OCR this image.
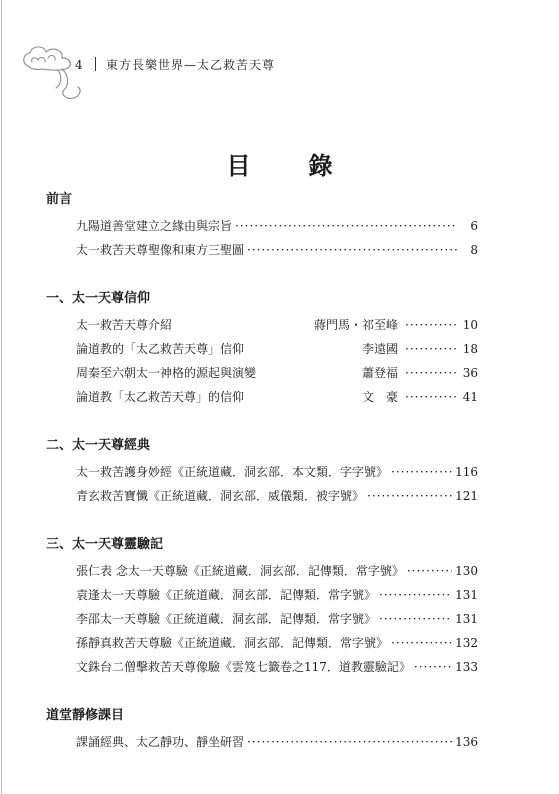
4 東方長樂世界—太乙救苦天尊
目錄
前言
九陽道善堂建立之緣由與宗旨 ·····	6
太一救苦天尊聖像和東方三聖圖 ·····	8
一、太一天尊信仰
太一救苦天尊介紹	蔣門馬・祁至峰 ·····	10
論道教的「太乙救苦天尊」信仰	李遠國 ·····	18
周秦至六朝太一神格的源起與演變	蕭登福 ·····	36
論道教「太乙救苦天尊」的信仰	文　豪 ·····	41
二、太一天尊經典
太一救苦護身妙經《正統道藏．洞玄部．本文類．字字號》 ·····	116
青玄救苦寶懺《正統道藏．洞玄部．威儀類．被字號》 ·····	121
三、太一天尊靈驗記
張仁表 念太一天尊驗《正統道藏．洞玄部．記傳類．常字號》 ·····	130
袁逢太一天尊驗《正統道藏．洞玄部．記傳類．常字號》 ·····	131
李邵太一天尊驗《正統道藏．洞玄部．記傳類．常字號》 ·····	131
孫靜真救苦天尊驗《正統道藏．洞玄部．記傳類．常字號》 ·····	132
文銖台二僧擊救苦天尊像驗《雲笈七籤卷之117．道教靈驗記》 ·····	133
道堂靜修課目
課誦經典、太乙靜功、靜坐研習 ·····	136
